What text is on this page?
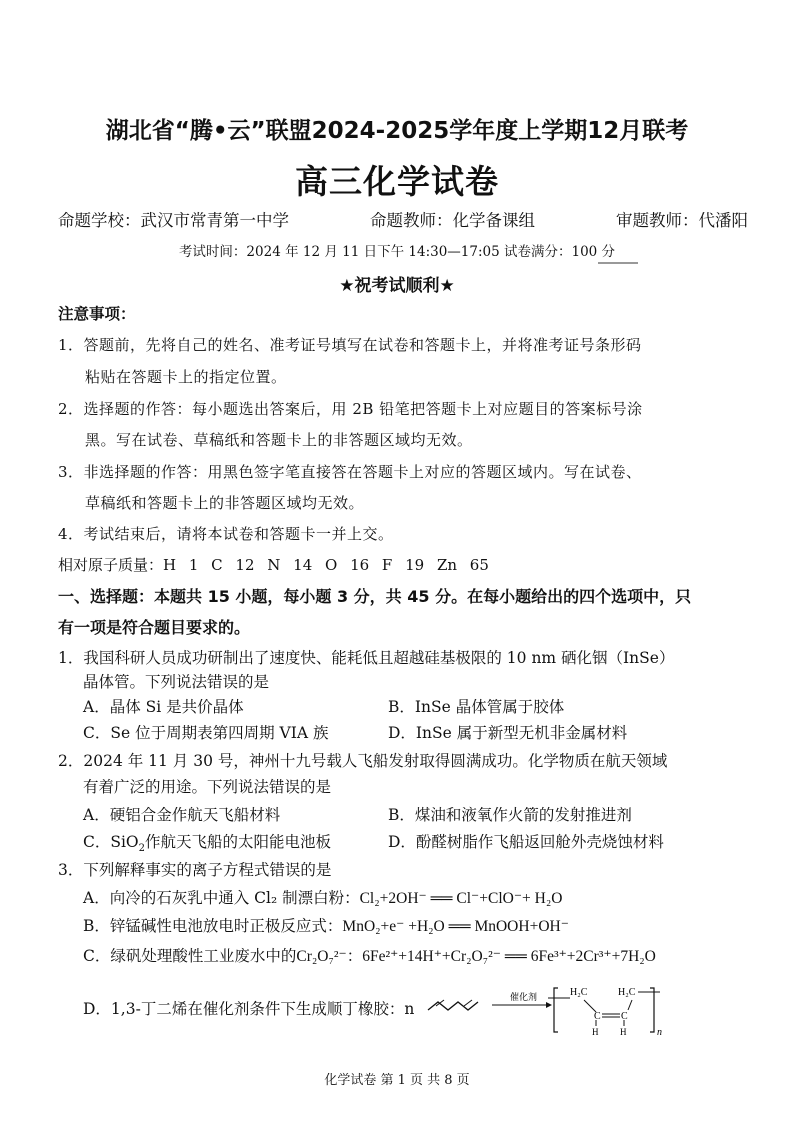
湖北省“腾•云”联盟2024-2025学年度上学期12月联考
高三化学试卷
命题学校：武汉市常青第一中学	命题教师：化学备课组	审题教师：代潘阳
考试时间：2024 年 12 月 11 日下午 14:30—17:05 试卷满分：100 分
★祝考试顺利★
注意事项：
1．答题前，先将自己的姓名、准考证号填写在试卷和答题卡上，并将准考证号条形码
粘贴在答题卡上的指定位置。
2．选择题的作答：每小题选出答案后，用 2B 铅笔把答题卡上对应题目的答案标号涂
黑。写在试卷、草稿纸和答题卡上的非答题区域均无效。
3．非选择题的作答：用黑色签字笔直接答在答题卡上对应的答题区域内。写在试卷、
草稿纸和答题卡上的非答题区域均无效。
4．考试结束后，请将本试卷和答题卡一并上交。
相对原子质量：H 1 C 12 N 14 O 16 F 19 Zn 65
一、选择题：本题共 15 小题，每小题 3 分，共 45 分。在每小题给出的四个选项中，只
有一项是符合题目要求的。
1．我国科研人员成功研制出了速度快、能耗低且超越硅基极限的 10 nm 硒化铟（InSe）
晶体管。下列说法错误的是
A．晶体 Si 是共价晶体	B．InSe 晶体管属于胶体
C．Se 位于周期表第四周期 VIA 族	D．InSe 属于新型无机非金属材料
2．2024 年 11 月 30 号，神州十九号载人飞船发射取得圆满成功。化学物质在航天领域
有着广泛的用途。下列说法错误的是
A．硬铝合金作航天飞船材料	B．煤油和液氧作火箭的发射推进剂
C．SiO$_2$作航天飞船的太阳能电池板	D．酚醛树脂作飞船返回舱外壳烧蚀材料
3．下列解释事实的离子方程式错误的是
A．向冷的石灰乳中通入 Cl₂ 制漂白粉：Cl₂+2OH⁻ ══ Cl⁻+ClO⁻+ H₂O
B．锌锰碱性电池放电时正极反应式：MnO₂+e⁻ +H₂O ══ MnOOH+OH⁻
C．绿矾处理酸性工业废水中的Cr₂O₇²⁻：6Fe²⁺+14H⁺+Cr₂O₇²⁻ ══ 6Fe³⁺+2Cr³⁺+7H₂O
D．1,3-丁二烯在催化剂条件下生成顺丁橡胶：n
催化剂	H₂C
C C
H₂C
H H	n
化学试卷 第 1 页 共 8 页
